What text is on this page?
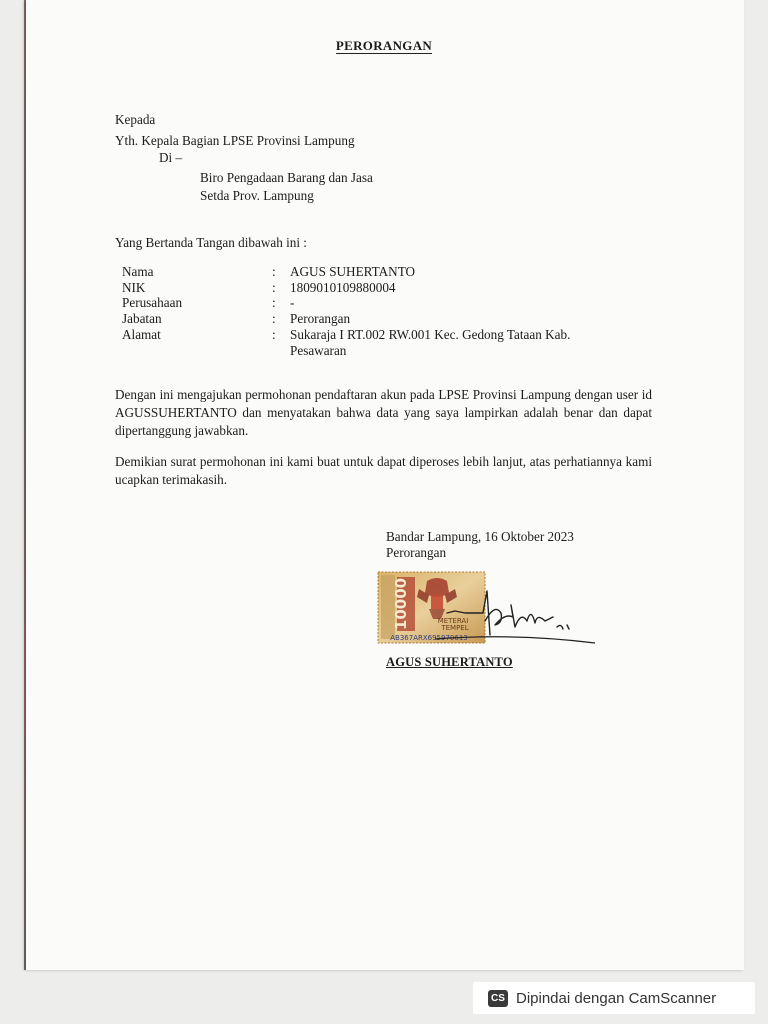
PERORANGAN
Kepada
Yth. Kepala Bagian LPSE Provinsi Lampung
Di –
Biro Pengadaan Barang dan Jasa
Setda Prov. Lampung
Yang Bertanda Tangan dibawah ini :
Nama	: AGUS SUHERTANTO
NIK	: 1809010109880004
Perusahaan	: -
Jabatan	: Perorangan
Alamat	: Sukaraja I RT.002 RW.001 Kec. Gedong Tataan Kab.
Pesawaran
Dengan ini mengajukan permohonan pendaftaran akun pada LPSE Provinsi Lampung dengan user id AGUSSUHERTANTO dan menyatakan bahwa data yang saya lampirkan adalah benar dan dapat dipertanggung jawabkan.
Demikian surat permohonan ini kami buat untuk dapat diperoses lebih lanjut, atas perhatiannya kami ucapkan terimakasih.
Bandar Lampung, 16 Oktober 2023
Perorangan
10000	METERAI
TEMPEL
AB367ARX695970613
AGUS SUHERTANTO
CS Dipindai dengan CamScanner
